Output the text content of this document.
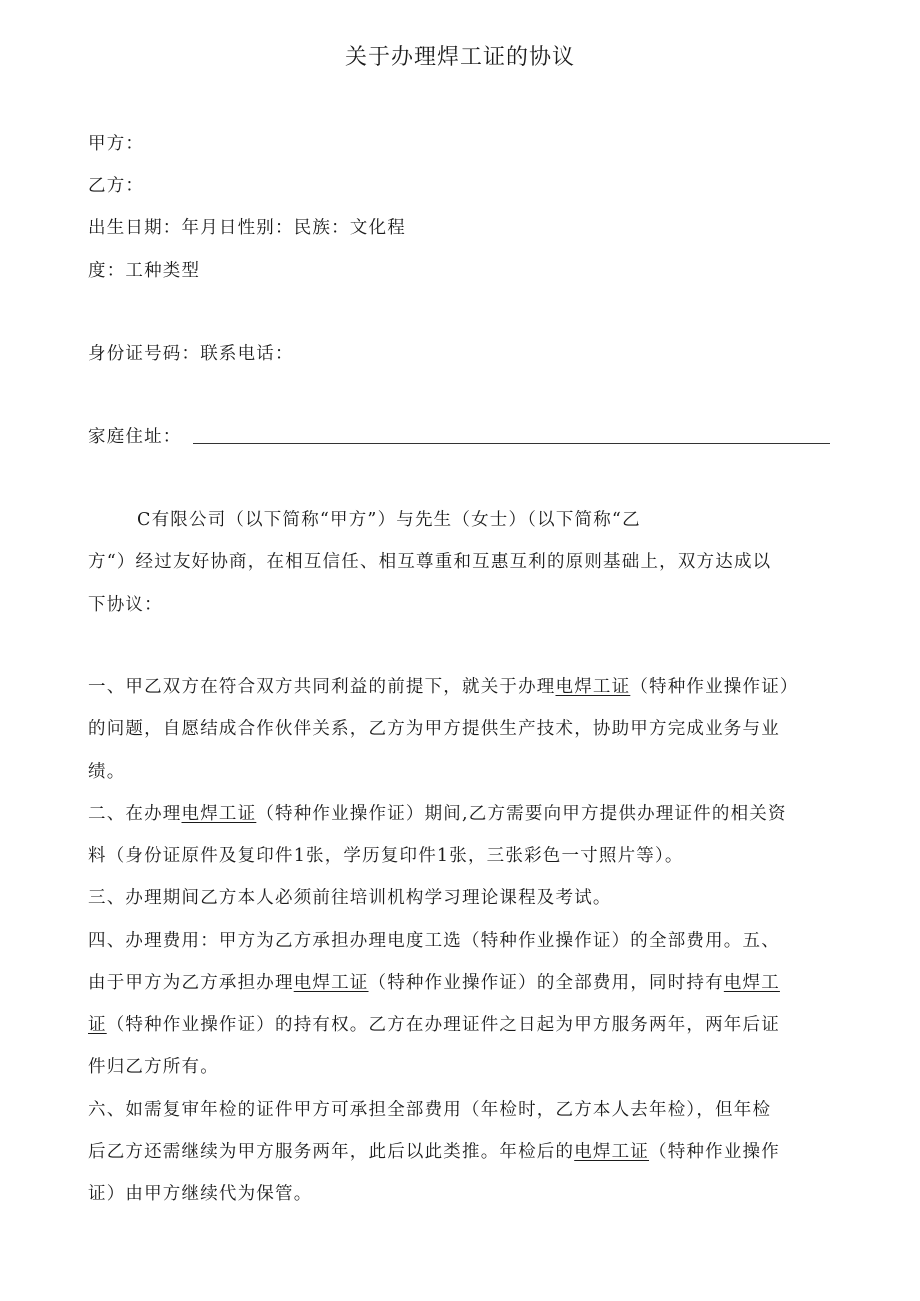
关于办理焊工证的协议
甲方：
乙方：
出生日期：年月日性别：民族：文化程
度：工种类型
身份证号码：联系电话：
家庭住址：
C有限公司（以下简称“甲方”）与先生（女士）（以下简称“乙
方“）经过友好协商，在相互信任、相互尊重和互惠互利的原则基础上，双方达成以
下协议：
一、甲乙双方在符合双方共同利益的前提下，就关于办理电焊工证（特种作业操作证）
的问题，自愿结成合作伙伴关系，乙方为甲方提供生产技术，协助甲方完成业务与业
绩。
二、在办理电焊工证（特种作业操作证）期间,乙方需要向甲方提供办理证件的相关资
料（身份证原件及复印件1张，学历复印件1张，三张彩色一寸照片等）。
三、办理期间乙方本人必须前往培训机构学习理论课程及考试。
四、办理费用：甲方为乙方承担办理电度工选（特种作业操作证）的全部费用。五、
由于甲方为乙方承担办理电焊工证（特种作业操作证）的全部费用，同时持有电焊工
证（特种作业操作证）的持有权。乙方在办理证件之日起为甲方服务两年，两年后证
件归乙方所有。
六、如需复审年检的证件甲方可承担全部费用（年检时，乙方本人去年检），但年检
后乙方还需继续为甲方服务两年，此后以此类推。年检后的电焊工证（特种作业操作
证）由甲方继续代为保管。
